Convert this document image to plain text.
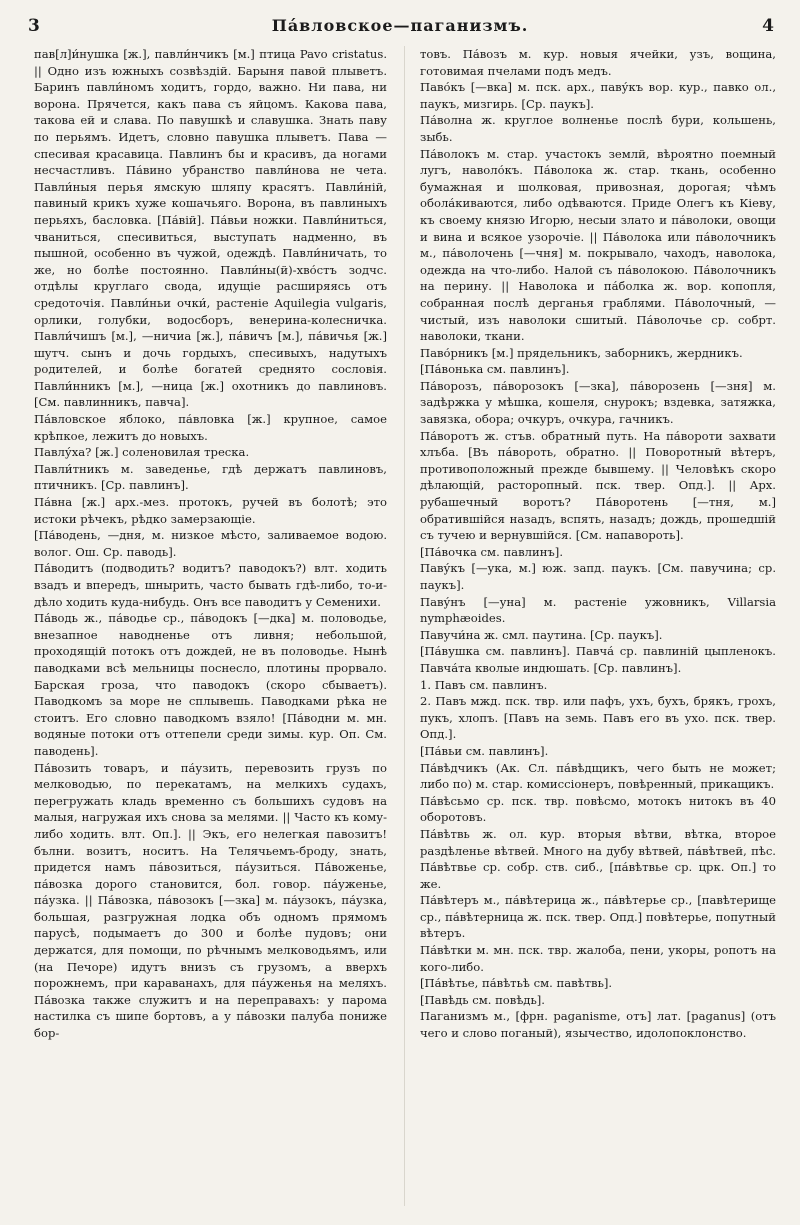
3	Па́вловское—паганизмъ.	4

пав[л]и́нушка [ж.], павли́нчикъ [м.] птица Pavo cristatus. || Одно изъ южныхъ созвѣздій. Барыня павой плыветъ. Баринъ павли́номъ ходитъ, гордо, важно. Ни пава, ни ворона. Прячется, какъ пава съ яйцомъ. Какова пава, такова ей и слава. По павушкѣ и славушка. Знать паву по перьямъ. Идетъ, словно павушка плыветъ. Пава — спесивая красавица. Павлинъ бы и красивъ, да ногами несчастливъ. Па́вино убранство павли́нова не чета. Павли́ныя перья ямскую шляпу красятъ. Павли́ній, павиный крикъ хуже кошачьяго. Ворона, въ павлиныхъ перьяхъ, басловка. [Па́вій]. Па́вьи ножки. Павли́ниться, чваниться, спесивиться, выступать надменно, въ пышной, особенно въ чужой, одеждѣ. Павли́ничать, то же, но болѣе постоянно. Павли́ны(й)-хво́стъ зодчс. отдѣлы круглаго свода, идущіе расширяясь отъ средоточія. Павли́ньи очки́, растеніе Aquilegia vulgaris, орлики, голубки, водосборъ, венерина-колесничка. Павли́чишъ [м.], —ничиа [ж.], па́вичъ [м.], па́вичья [ж.] шутч. сынъ и дочь гордыхъ, спесивыхъ, надутыхъ родителей, и болѣе богатей среднято сословія. Павли́нникъ [м.], —ница [ж.] охотникъ до павлиновъ. [См. павлинникъ, павча].

Па́вловское яблоко, па́вловка [ж.] крупное, самое крѣпкое, лежитъ до новыхъ.

Павлу́ха? [ж.] соленовилая треска.

Павли́тникъ м. заведенье, гдѣ держатъ павлиновъ, птичникъ. [Ср. павлинъ].

Па́вна [ж.] арх.-мез. протокъ, ручей въ болотѣ; это истоки рѣчекъ, рѣдко замерзающіе.

[Па́водень, —дня, м. низкое мѣсто, заливаемое водою. волог. Ош. Ср. паводь].

Па́водитъ (подводить? водитъ? паводокъ?) влт. ходить взадъ и впередъ, шнырить, часто бывать гдѣ-либо, то-и-дѣло ходить куда-нибудь. Онъ все паводитъ у Семенихи.

Па́водь ж., па́водье ср., па́водокъ [—дка] м. половодье, внезапное наводненье отъ ливня; небольшой, проходящій потокъ отъ дождей, не въ половодье. Нынѣ паводками всѣ мельницы поснесло, плотины прорвало. Барская гроза, что паводокъ (скоро сбываетъ). Паводкомъ за море не сплывешь. Паводками рѣка не стоитъ. Его словно паводкомъ взяло! [Па́водни м. мн. водяные потоки отъ оттепели среди зимы. кур. Оп. См. паводень].

Па́возить товаръ, и па́узить, перевозить грузъ по мелководью, по перекатамъ, на мелкихъ судахъ, перегружать кладь временно съ большихъ судовъ на малыя, нагружая ихъ снова за мелями. || Часто къ кому-либо ходить. влт. Оп.]. || Экъ, его нелегкая павозитъ! бълни. возитъ, носитъ. На Телячьемъ-броду, знать, придется намъ па́возиться, па́узиться. Па́воженье, па́возка дорого становится, бол. говор. па́уженье, па́узка. || Па́возка, па́возокъ [—зка] м. па́узокъ, па́узка, большая, разгружная лодка объ одномъ прямомъ парусѣ, подымаетъ до 300 и болѣе пудовъ; они держатся, для помощи, по рѣчнымъ мелководьямъ, или (на Печоре) идутъ внизъ съ грузомъ, а вверхъ порожнемъ, при караванахъ, для па́уженья на меляхъ. Па́возка также служитъ и на переправахъ: у парома настилка съ шипе бортовъ, а у па́возки палуба пониже бор-

товъ. Па́возъ м. кур. новыя ячейки, узъ, вощина, готовимая пчелами подъ медъ.

Паво́къ [—вка] м. пск. арх., паву́къ вор. кур., павко ол., паукъ, мизгирь. [Ср. паукъ].

Па́волна ж. круглое волненье послѣ бури, кольшень, зыбь.

Па́волокъ м. стар. участокъ землй, вѣроятно поемный лугъ, наволо́къ. Па́волока ж. стар. ткань, особенно бумажная и шолковая, привозная, дорогая; чѣмъ обола́киваются, либо одѣваются. Приде Олегъ къ Кіеву, къ своему князю Игорю, несыи злато и па́волоки, овощи и вина и всякое узорочіе. || Па́волока или па́волочникъ м., па́волочень [—чня] м. покрывало, чаходъ, наволока, одежда на что-либо. Налой съ па́волокою. Па́волочникъ на перину. || Наволока и па́болка ж. вор. копопля, собранная послѣ дерганья граблями. Па́волочный, —чистый, изъ наволоки сшитый. Па́волочье ср. собрт. наволоки, ткани.

Паво́рникъ [м.] прядельникъ, заборникъ, жердникъ.

[Па́вонька см. павлинъ].

Па́ворозъ, па́ворозокъ [—зка], па́ворозень [—зня] м. задѣржка у мѣшка, кошеля, снурокъ; вздевка, затяжка, завязка, обора; очкуръ, очкура, гачникъ.

Па́воротъ ж. стъв. обратный путь. На па́вороти захвати хлъба. [Въ па́вороть, обратно. || Поворотный вѣтеръ, противоположный прежде бывшему. || Человѣкъ скоро дѣлающій, расторопный. пск. твер. Опд.]. || Арх. рубашечный воротъ? Па́воротень [—тня, м.] обратившійся назадъ, вспять, назадъ; дождь, прошедшій съ тучею и вернувшійся. [См. напавороть].

[Па́вочка см. павлинъ].

Паву́къ [—ука, м.] юж. запд. паукъ. [См. павучина; ср. паукъ].

Паву́нъ [—уна] м. растеніе ужовникъ, Villarsia nymphæoides.

Павучи́на ж. смл. паутина. [Ср. паукъ].

[Па́вушка см. павлинъ]. Павча́ ср. павлиній цыпленокъ. Павча́та кволые индюшать. [Ср. павлинъ].

1. Павъ см. павлинъ.

2. Павъ мжд. пск. твр. или пафъ, ухъ, бухъ, брякъ, грохъ, пукъ, хлопъ. [Павъ на земь. Павъ его въ ухо. пск. твер. Опд.].

[Па́вьи см. павлинъ].

Па́вѣдчикъ (Ак. Сл. па́вѣдщикъ, чего быть не может; либо по) м. стар. комиссіонеръ, повѣренный, прикащикъ.

Па́вѣсьмо ср. пск. твр. повѣсмо, мотокъ нитокъ въ 40 оборотовъ.

Па́вѣтвь ж. ол. кур. вторыя вѣтви, вѣтка, второе раздѣленье вѣтвей. Много на дубу вѣтвей, па́вѣтвей, пѣс. Па́вѣтвье ср. собр. ств. сиб., [па́вѣтвье ср. црк. Оп.] то же.

Па́вѣтеръ м., па́вѣтерица ж., па́вѣтерье ср., [павѣтерище ср., па́вѣтерница ж. пск. твер. Опд.] повѣтерье, попутный вѣтеръ.

Па́вѣтки м. мн. пск. твр. жалоба, пени, укоры, ропотъ на кого-либо.

[Па́вѣтье, па́вѣтьѣ см. павѣтвь].

[Павѣдь см. повѣдь].

Паганизмъ м., [фрн. paganisme, отъ] лат. [paganus] (отъ чего и слово поганый), язычество, идолопоклонство.
